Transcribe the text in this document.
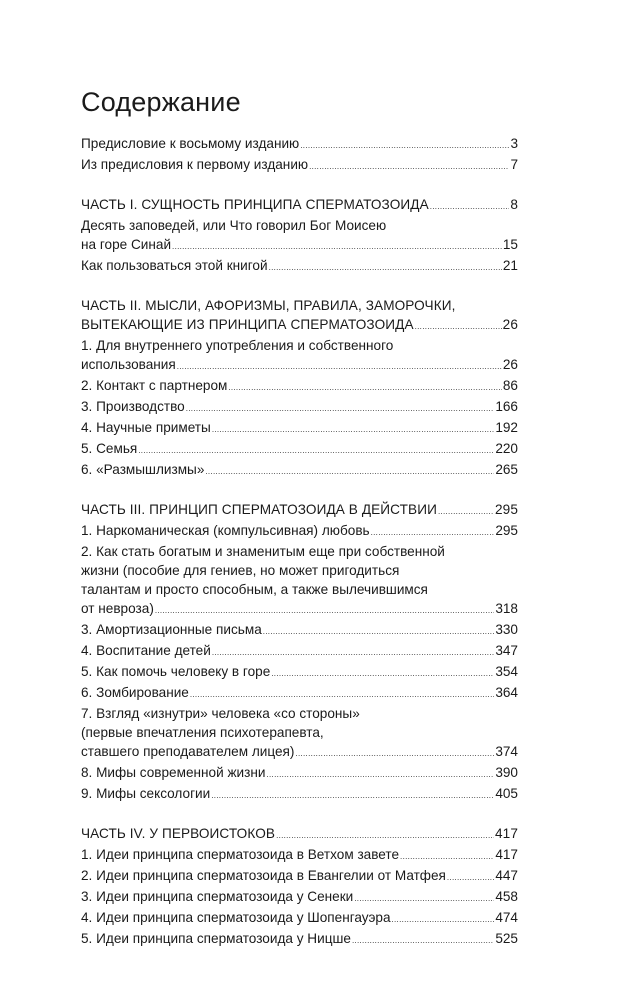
Содержание
Предисловие к восьмому изданию .....	3
Из предисловия к первому изданию .....	7
ЧАСТЬ I. СУЩНОСТЬ ПРИНЦИПА СПЕРМАТОЗОИДА .....	8
Десять заповедей, или Что говорил Бог Моисею
на горе Синай .....	15
Как пользоваться этой книгой .....	21
ЧАСТЬ II. МЫСЛИ, АФОРИЗМЫ, ПРАВИЛА, ЗАМОРОЧКИ,
ВЫТЕКАЮЩИЕ ИЗ ПРИНЦИПА СПЕРМАТОЗОИДА .....	26
1. Для внутреннего употребления и собственного
использования .....	26
2. Контакт с партнером .....	86
3. Производство .....	166
4. Научные приметы .....	192
5. Семья .....	220
6. «Размышлизмы» .....	265
ЧАСТЬ III. ПРИНЦИП СПЕРМАТОЗОИДА В ДЕЙСТВИИ .....	295
1. Наркоманическая (компульсивная) любовь .....	295
2. Как стать богатым и знаменитым еще при собственной
жизни (пособие для гениев, но может пригодиться
талантам и просто способным, а также вылечившимся
от невроза) .....	318
3. Амортизационные письма .....	330
4. Воспитание детей .....	347
5. Как помочь человеку в горе .....	354
6. Зомбирование .....	364
7. Взгляд «изнутри» человека «со стороны»
(первые впечатления психотерапевта,
ставшего преподавателем лицея) .....	374
8. Мифы современной жизни .....	390
9. Мифы сексологии .....	405
ЧАСТЬ IV. У ПЕРВОИСТОКОВ .....	417
1. Идеи принципа сперматозоида в Ветхом завете .....	417
2. Идеи принципа сперматозоида в Евангелии от Матфея .....	447
3. Идеи принципа сперматозоида у Сенеки .....	458
4. Идеи принципа сперматозоида у Шопенгауэра .....	474
5. Идеи принципа сперматозоида у Ницше .....	525
